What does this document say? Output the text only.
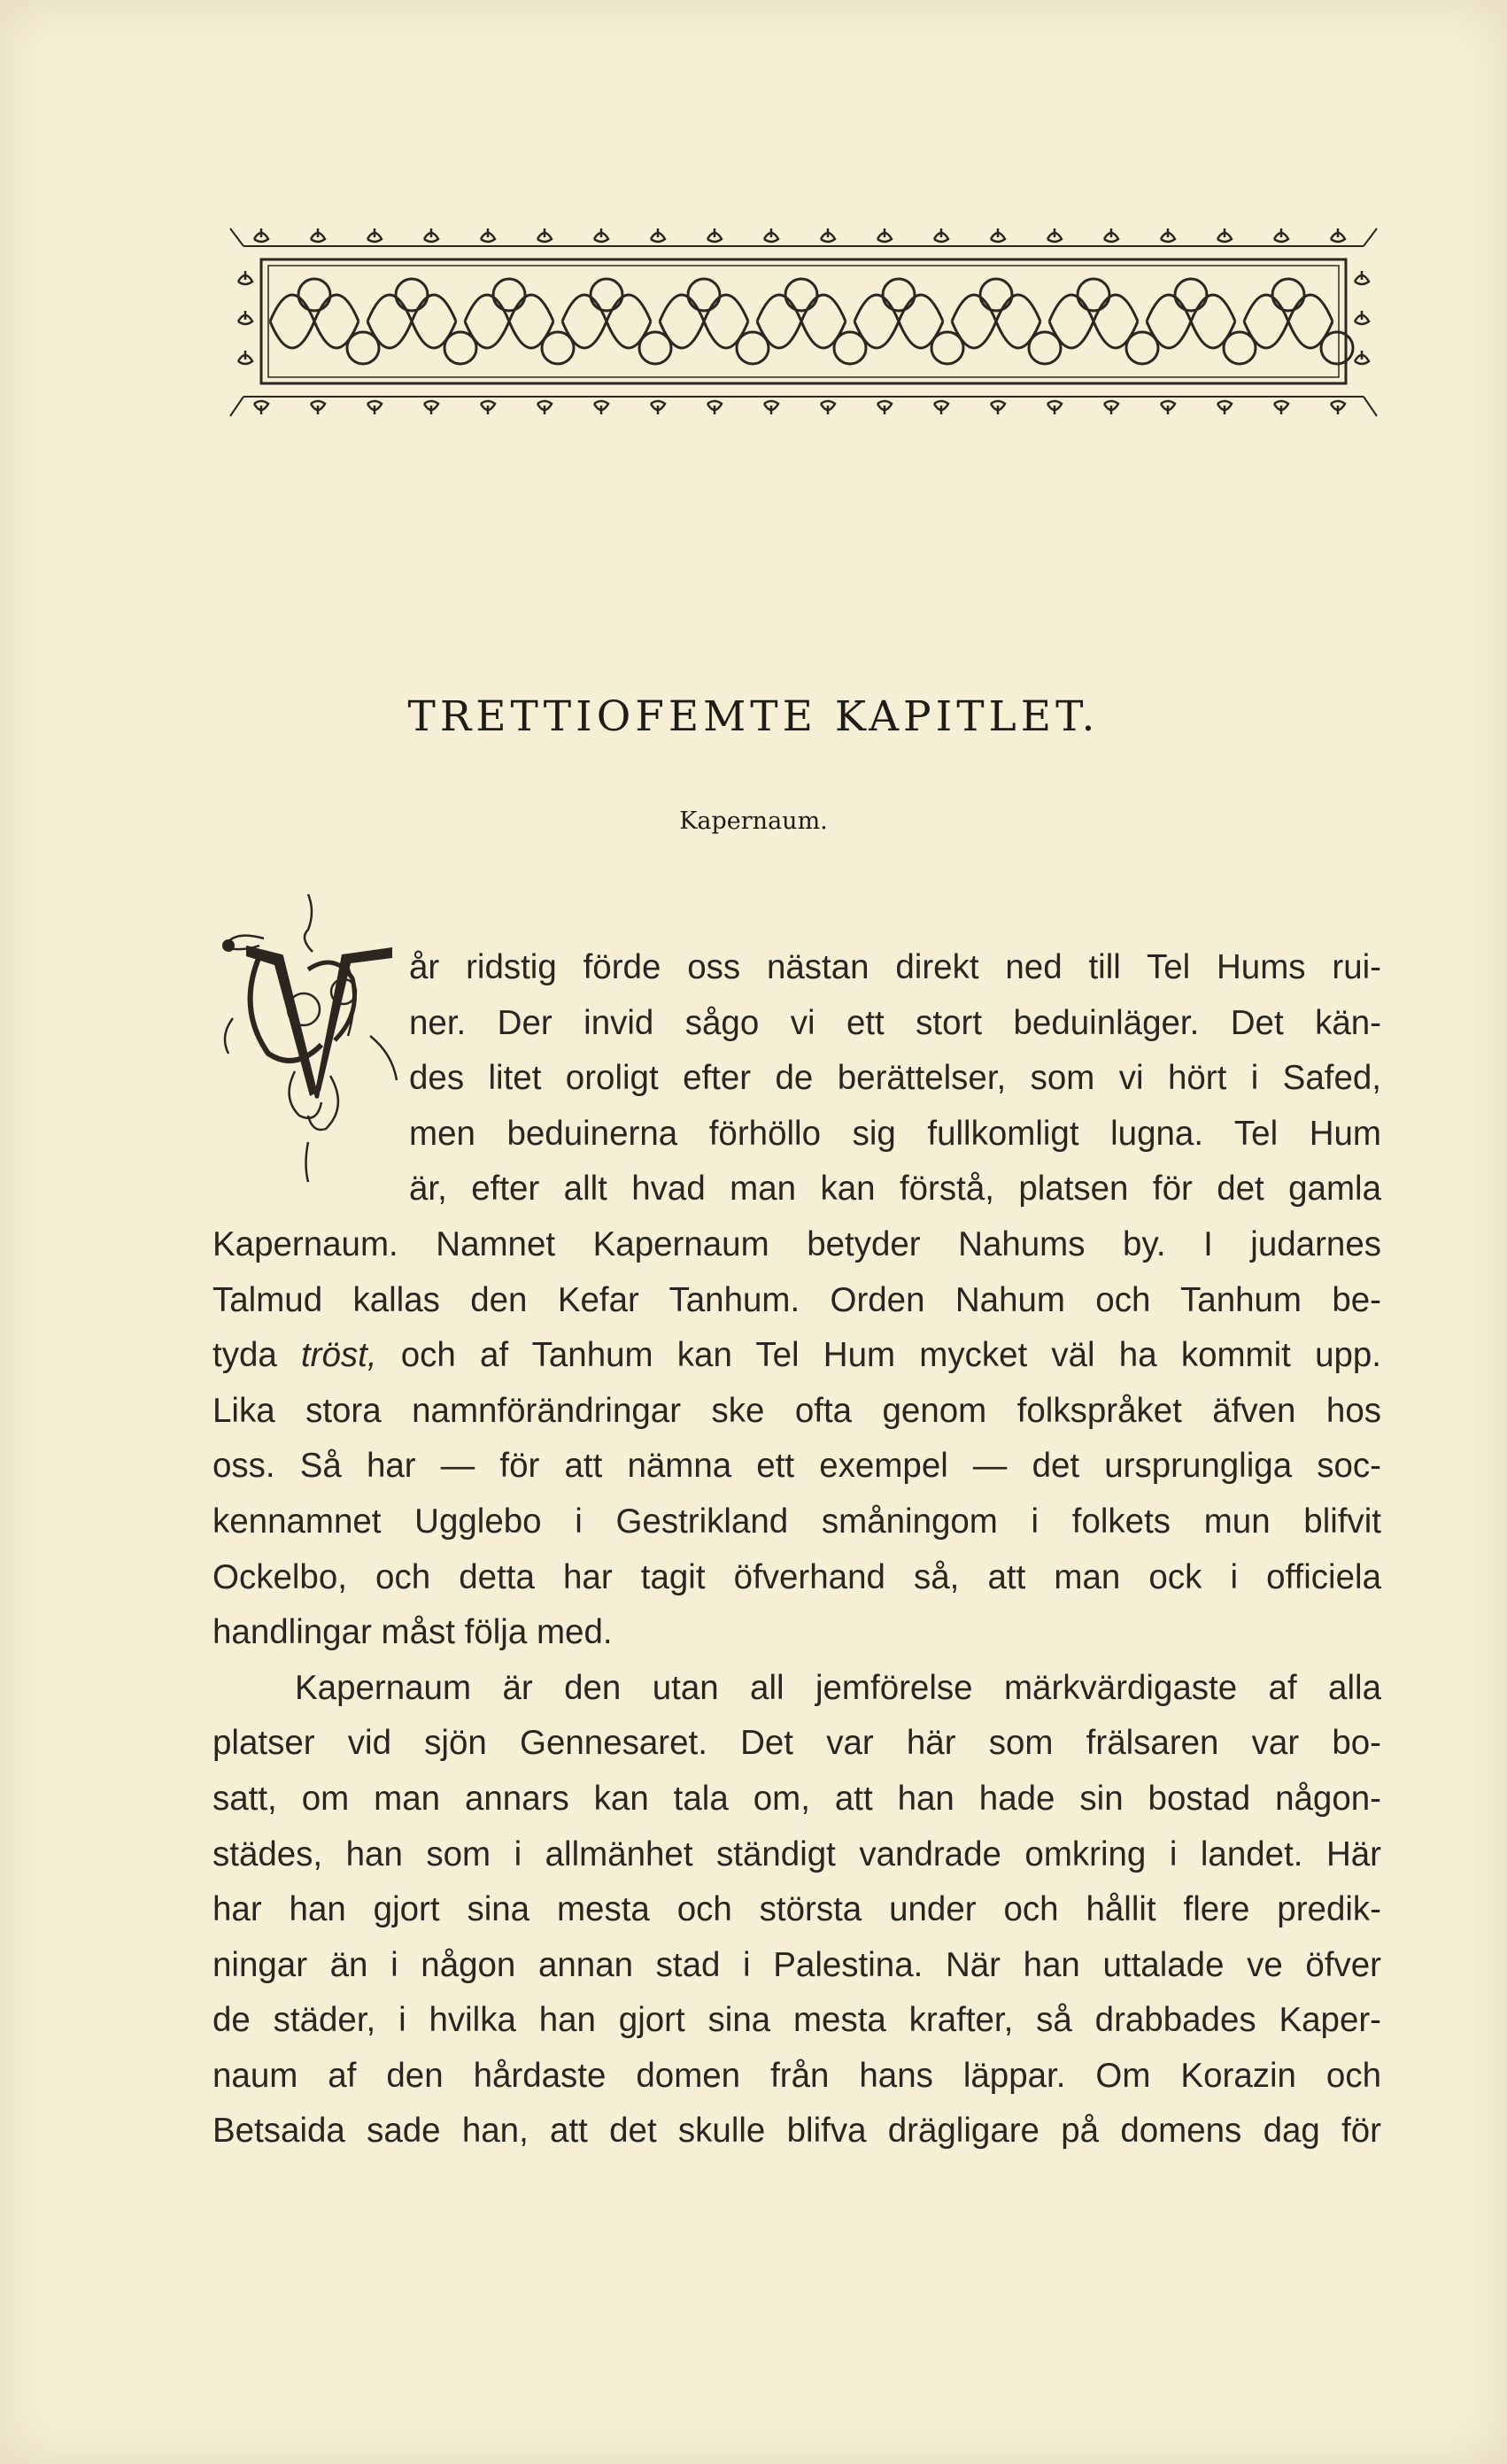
TRETTIOFEMTE KAPITLET.
Kapernaum.
år ridstig förde oss nästan direkt ned till Tel Hums rui-
ner. Der invid sågo vi ett stort beduinläger. Det kän-
des litet oroligt efter de berättelser, som vi hört i Safed,
men beduinerna förhöllo sig fullkomligt lugna. Tel Hum
är, efter allt hvad man kan förstå, platsen för det gamla
Kapernaum. Namnet Kapernaum betyder Nahums by. I judarnes
Talmud kallas den Kefar Tanhum. Orden Nahum och Tanhum be-
tyda tröst, och af Tanhum kan Tel Hum mycket väl ha kommit upp.
Lika stora namnförändringar ske ofta genom folkspråket äfven hos
oss. Så har — för att nämna ett exempel — det ursprungliga soc-
kennamnet Ugglebo i Gestrikland småningom i folkets mun blifvit
Ockelbo, och detta har tagit öfverhand så, att man ock i officiela
handlingar måst följa med.
Kapernaum är den utan all jemförelse märkvärdigaste af alla
platser vid sjön Gennesaret. Det var här som frälsaren var bo-
satt, om man annars kan tala om, att han hade sin bostad någon-
städes, han som i allmänhet ständigt vandrade omkring i landet. Här
har han gjort sina mesta och största under och hållit flere predik-
ningar än i någon annan stad i Palestina. När han uttalade ve öfver
de städer, i hvilka han gjort sina mesta krafter, så drabbades Kaper-
naum af den hårdaste domen från hans läppar. Om Korazin och
Betsaida sade han, att det skulle blifva drägligare på domens dag för
